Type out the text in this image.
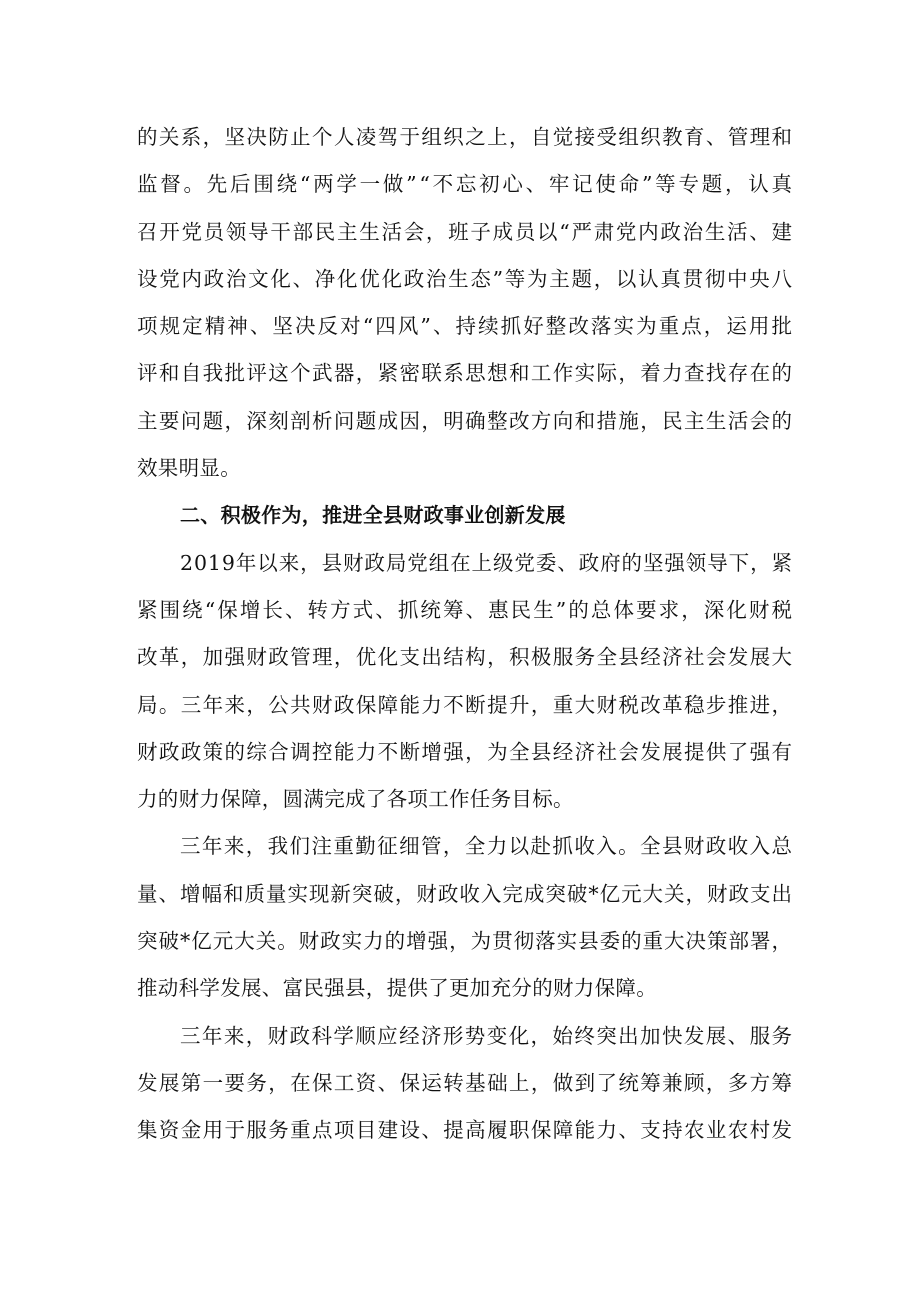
的关系，坚决防止个人凌驾于组织之上，自觉接受组织教育、管理和
监督。先后围绕“两学一做”“不忘初心、牢记使命”等专题，认真
召开党员领导干部民主生活会，班子成员以“严肃党内政治生活、建
设党内政治文化、净化优化政治生态”等为主题，以认真贯彻中央八
项规定精神、坚决反对“四风”、持续抓好整改落实为重点，运用批
评和自我批评这个武器，紧密联系思想和工作实际，着力查找存在的
主要问题，深刻剖析问题成因，明确整改方向和措施，民主生活会的
效果明显。
二、积极作为，推进全县财政事业创新发展
2019年以来，县财政局党组在上级党委、政府的坚强领导下，紧
紧围绕“保增长、转方式、抓统筹、惠民生”的总体要求，深化财税
改革，加强财政管理，优化支出结构，积极服务全县经济社会发展大
局。三年来，公共财政保障能力不断提升，重大财税改革稳步推进，
财政政策的综合调控能力不断增强，为全县经济社会发展提供了强有
力的财力保障，圆满完成了各项工作任务目标。
三年来，我们注重勤征细管，全力以赴抓收入。全县财政收入总
量、增幅和质量实现新突破，财政收入完成突破*亿元大关，财政支出
突破*亿元大关。财政实力的增强，为贯彻落实县委的重大决策部署，
推动科学发展、富民强县，提供了更加充分的财力保障。
三年来，财政科学顺应经济形势变化，始终突出加快发展、服务
发展第一要务，在保工资、保运转基础上，做到了统筹兼顾，多方筹
集资金用于服务重点项目建设、提高履职保障能力、支持农业农村发
